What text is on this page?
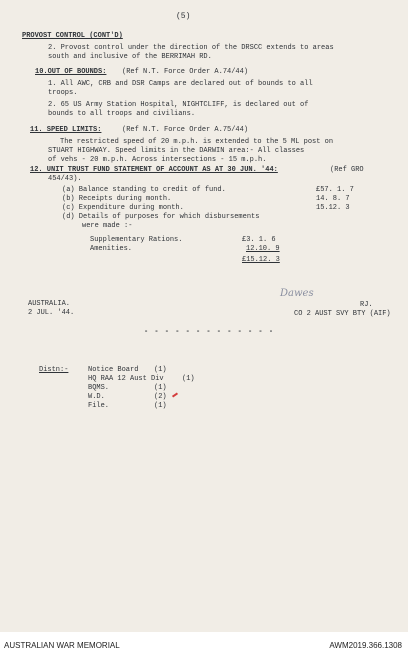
(5)
PROVOST CONTROL (CONT'D)
2. Provost control under the direction of the DRSCC extends to areas
south and inclusive of the BERRIMAH RD.
10.OUT OF BOUNDS: (Ref N.T. Force Order A.74/44)
1. All AWC, CRB and DSR Camps are declared out of bounds to all
troops.
2. 65 US Army Station Hospital, NIGHTCLIFF, is declared out of
bounds to all troops and civilians.
11. SPEED LIMITS:	(Ref N.T. Force Order A.75/44)
The restricted speed of 20 m.p.h. is extended to the 5 ML post on
STUART HIGHWAY. Speed limits in the DARWIN area:- All classes
of vehs - 20 m.p.h. Across intersections - 15 m.p.h.
12. UNIT TRUST FUND STATEMENT OF ACCOUNT AS AT 30 JUN. '44:	(Ref GRO
454/43).
(a) Balance standing to credit of fund.	£57. 1. 7
(b) Receipts during month.	14. 8. 7
(c) Expenditure during month.	15.12. 3
(d) Details of purposes for which disbursements
were made :-
Supplementary Rations.	£3. 1. 6
Amenities.	12.10. 9
£15.12. 3
AUSTRALIA.
2 JUL. '44.
Dawes
RJ.
CO 2 AUST SVY BTY (AIF)
- - - - - - - - - - - - -
Distn:-	Notice Board (1)
HQ RAA 12 Aust Div	(1)
BQMS.	(1)
W.D.	(2)
File.	(1)
AUSTRALIAN WAR MEMORIAL	AWM2019.366.1308
